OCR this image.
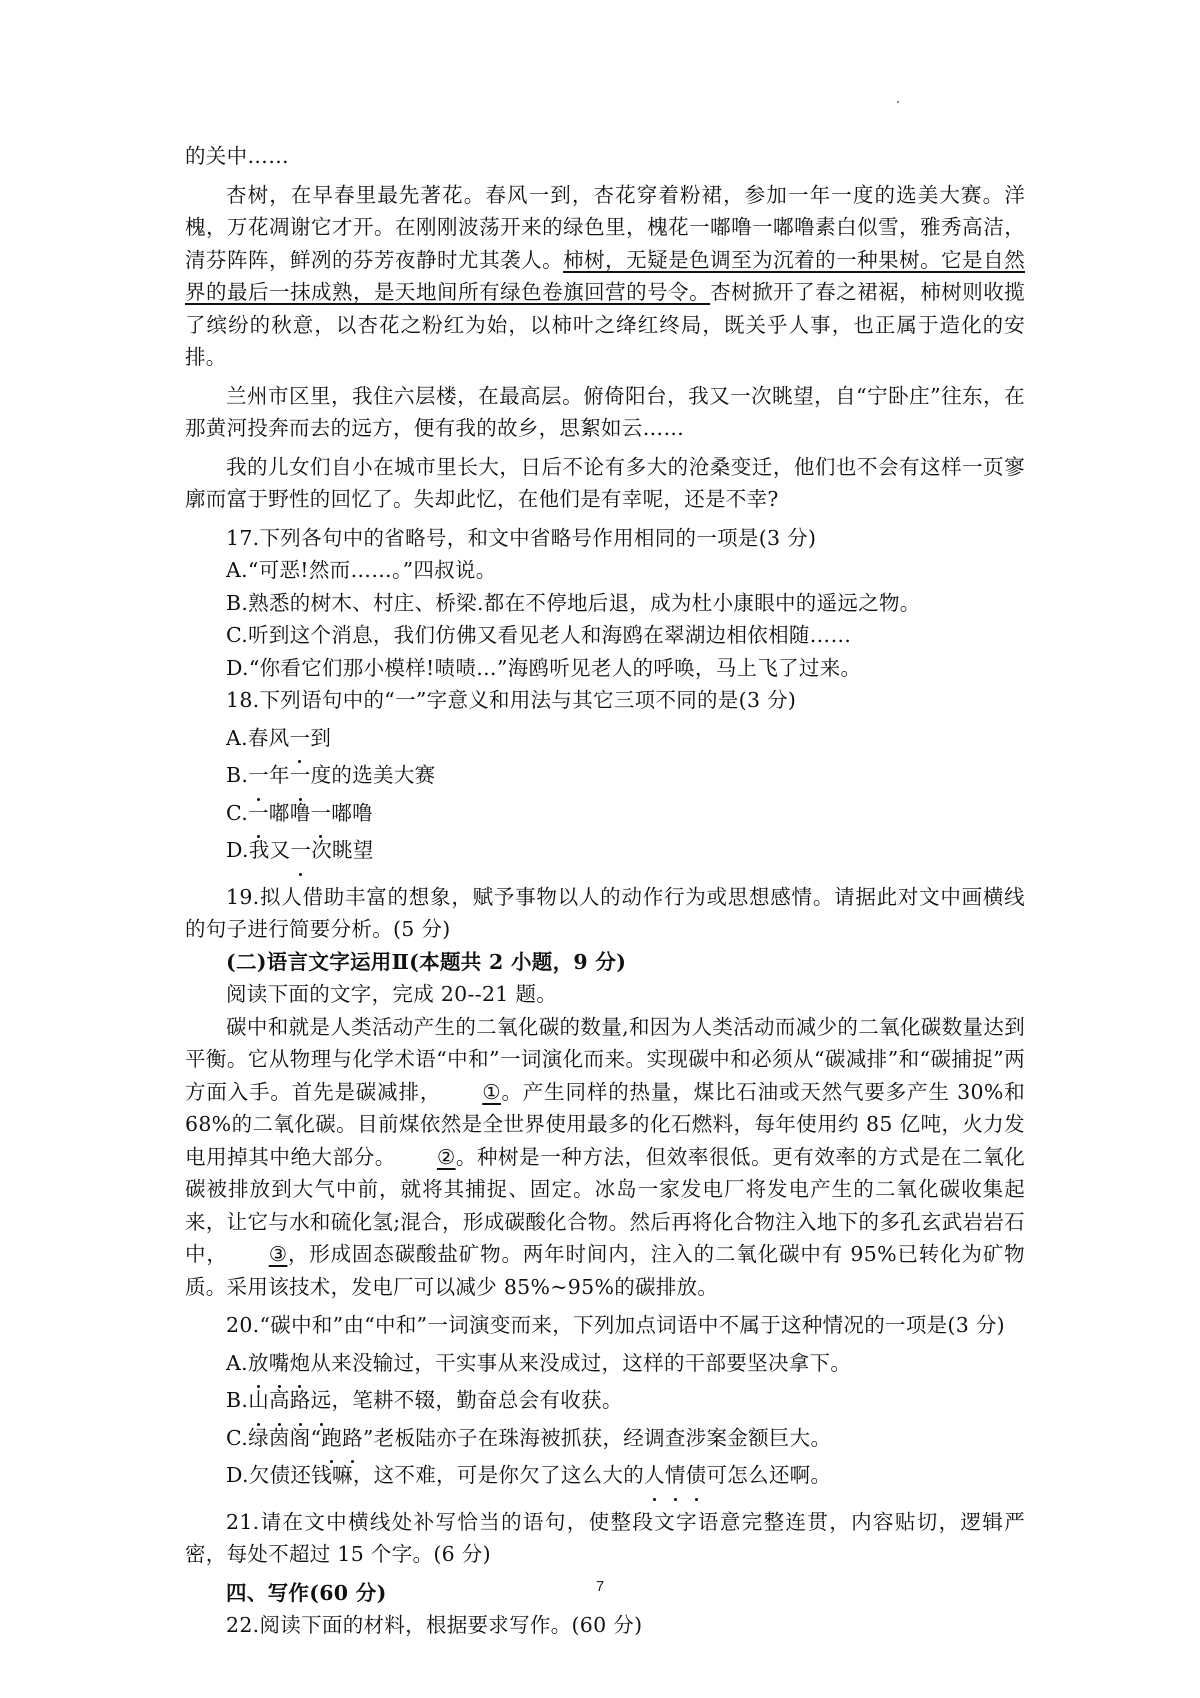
的关中……

杏树，在早春里最先著花。春风一到，杏花穿着粉裙，参加一年一度的选美大赛。洋槐，万花凋谢它才开。在刚刚波荡开来的绿色里，槐花一嘟噜一嘟噜素白似雪，雅秀高洁，清芬阵阵，鲜冽的芬芳夜静时尤其袭人。柿树，无疑是色调至为沉着的一种果树。它是自然界的最后一抹成熟，是天地间所有绿色卷旗回营的号令。杏树掀开了春之裙裾，柿树则收揽了缤纷的秋意，以杏花之粉红为始，以柿叶之绛红终局，既关乎人事，也正属于造化的安排。

兰州市区里，我住六层楼，在最高层。俯倚阳台，我又一次眺望，自“宁卧庄”往东，在那黄河投奔而去的远方，便有我的故乡，思絮如云……

我的儿女们自小在城市里长大，日后不论有多大的沧桑变迁，他们也不会有这样一页寥廓而富于野性的回忆了。失却此忆，在他们是有幸呢，还是不幸?

17.下列各句中的省略号，和文中省略号作用相同的一项是(3 分)

A.“可恶!然而……。”四叔说。

B.熟悉的树木、村庄、桥梁.都在不停地后退，成为杜小康眼中的遥远之物。

C.听到这个消息，我们仿佛又看见老人和海鸥在翠湖边相依相随……

D.“你看它们那小模样!啧啧…”海鸥听见老人的呼唤，马上飞了过来。

18.下列语句中的“一”字意义和用法与其它三项不同的是(3 分)

A.春风一到

B.一年一度的选美大赛

C.一嘟噜一嘟噜

D.我又一次眺望

19.拟人借助丰富的想象，赋予事物以人的动作行为或思想感情。请据此对文中画横线的句子进行简要分析。(5 分)

(二)语言文字运用Ⅱ(本题共 2 小题，9 分)

阅读下面的文字，完成 20--21 题。

碳中和就是人类活动产生的二氧化碳的数量,和因为人类活动而减少的二氧化碳数量达到平衡。它从物理与化学术语“中和”一词演化而来。实现碳中和必须从“碳减排”和“碳捕捉”两方面入手。首先是碳减排， ①。产生同样的热量，煤比石油或天然气要多产生 30%和 68%的二氧化碳。目前煤依然是全世界使用最多的化石燃料，每年使用约 85 亿吨，火力发电用掉其中绝大部分。 ②。种树是一种方法，但效率很低。更有效率的方式是在二氧化碳被排放到大气中前，就将其捕捉、固定。冰岛一家发电厂将发电产生的二氧化碳收集起来，让它与水和硫化氢;混合，形成碳酸化合物。然后再将化合物注入地下的多孔玄武岩岩石中， ③，形成固态碳酸盐矿物。两年时间内，注入的二氧化碳中有 95%已转化为矿物质。采用该技术，发电厂可以减少 85%~95%的碳排放。

20.“碳中和”由“中和”一词演变而来，下列加点词语中不属于这种情况的一项是(3 分)

A.放嘴炮从来没输过，干实事从来没成过，这样的干部要坚决拿下。

B.山高路远，笔耕不辍，勤奋总会有收获。

C.绿茵阁“跑路”老板陆亦子在珠海被抓获，经调查涉案金额巨大。

D.欠债还钱嘛，这不难，可是你欠了这么大的人情债可怎么还啊。

21.请在文中横线处补写恰当的语句，使整段文字语意完整连贯，内容贴切，逻辑严密，每处不超过 15 个字。(6 分)

四、写作(60 分)

22.阅读下面的材料，根据要求写作。(60 分)

7
